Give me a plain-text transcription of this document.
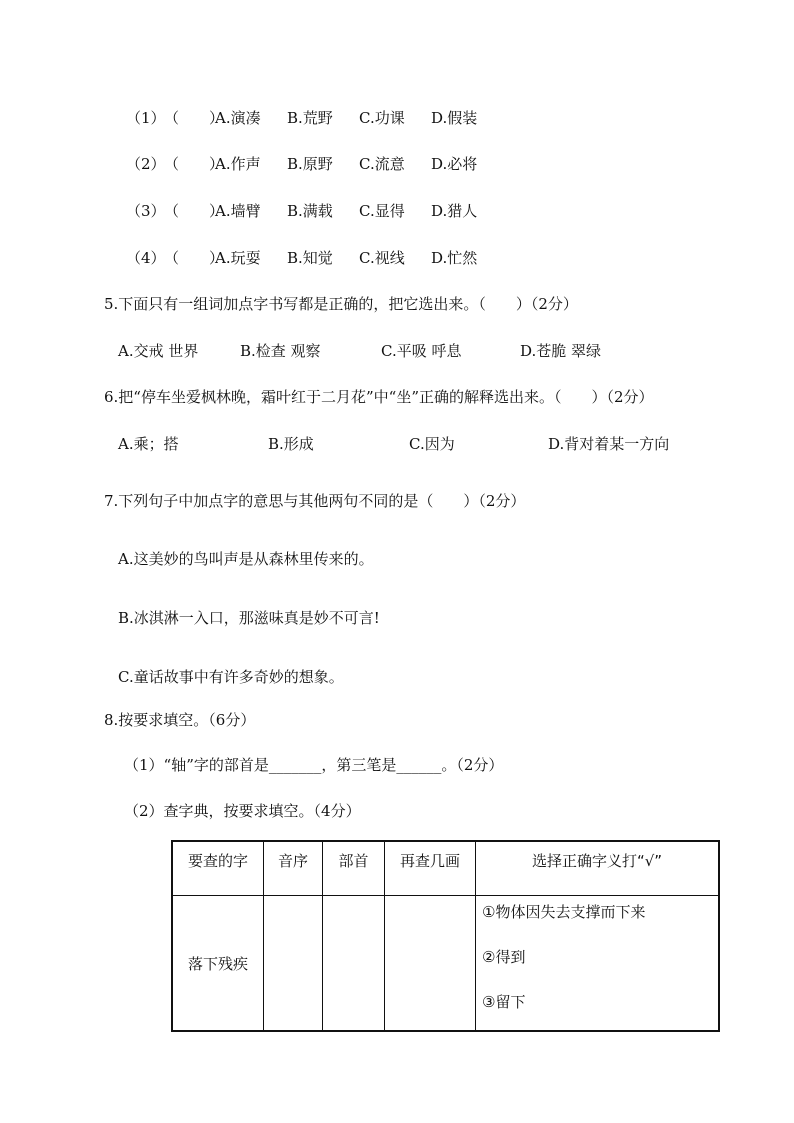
（1）
（　　）
A.演凑 B.荒野 C.功课 D.假装
（2）
（　　）
A.作声 B.原野 C.流意 D.必将
（3）
（　　）
A.墙臂 B.满载 C.显得 D.猎人
（4）
（　　）
A.玩耍 B.知觉 C.视线 D.忙然
5.下面只有一组词加点字书写都是正确的，把它选出来。（　　）（2分）
A.交戒 世界	B.检查 观察	C.平吸 呼息	D.苍脆 翠绿
6.把“停车坐爱枫林晚，霜叶红于二月花”中“坐”正确的解释选出来。（　　）（2分）
A.乘；搭	B.形成	C.因为	D.背对着某一方向
7.下列句子中加点字的意思与其他两句不同的是（　　）（2分）
A.这美妙的鸟叫声是从森林里传来的。
B.冰淇淋一入口，那滋味真是妙不可言!
C.童话故事中有许多奇妙的想象。
8.按要求填空。（6分）
（1）“轴”字的部首是_______，第三笔是______。（2分）
（2）查字典，按要求填空。（4分）
要查的字	音序	部首	再查几画	选择正确字义打“√”
落下残疾				①物体因失去支撑而下来
②得到
③留下
